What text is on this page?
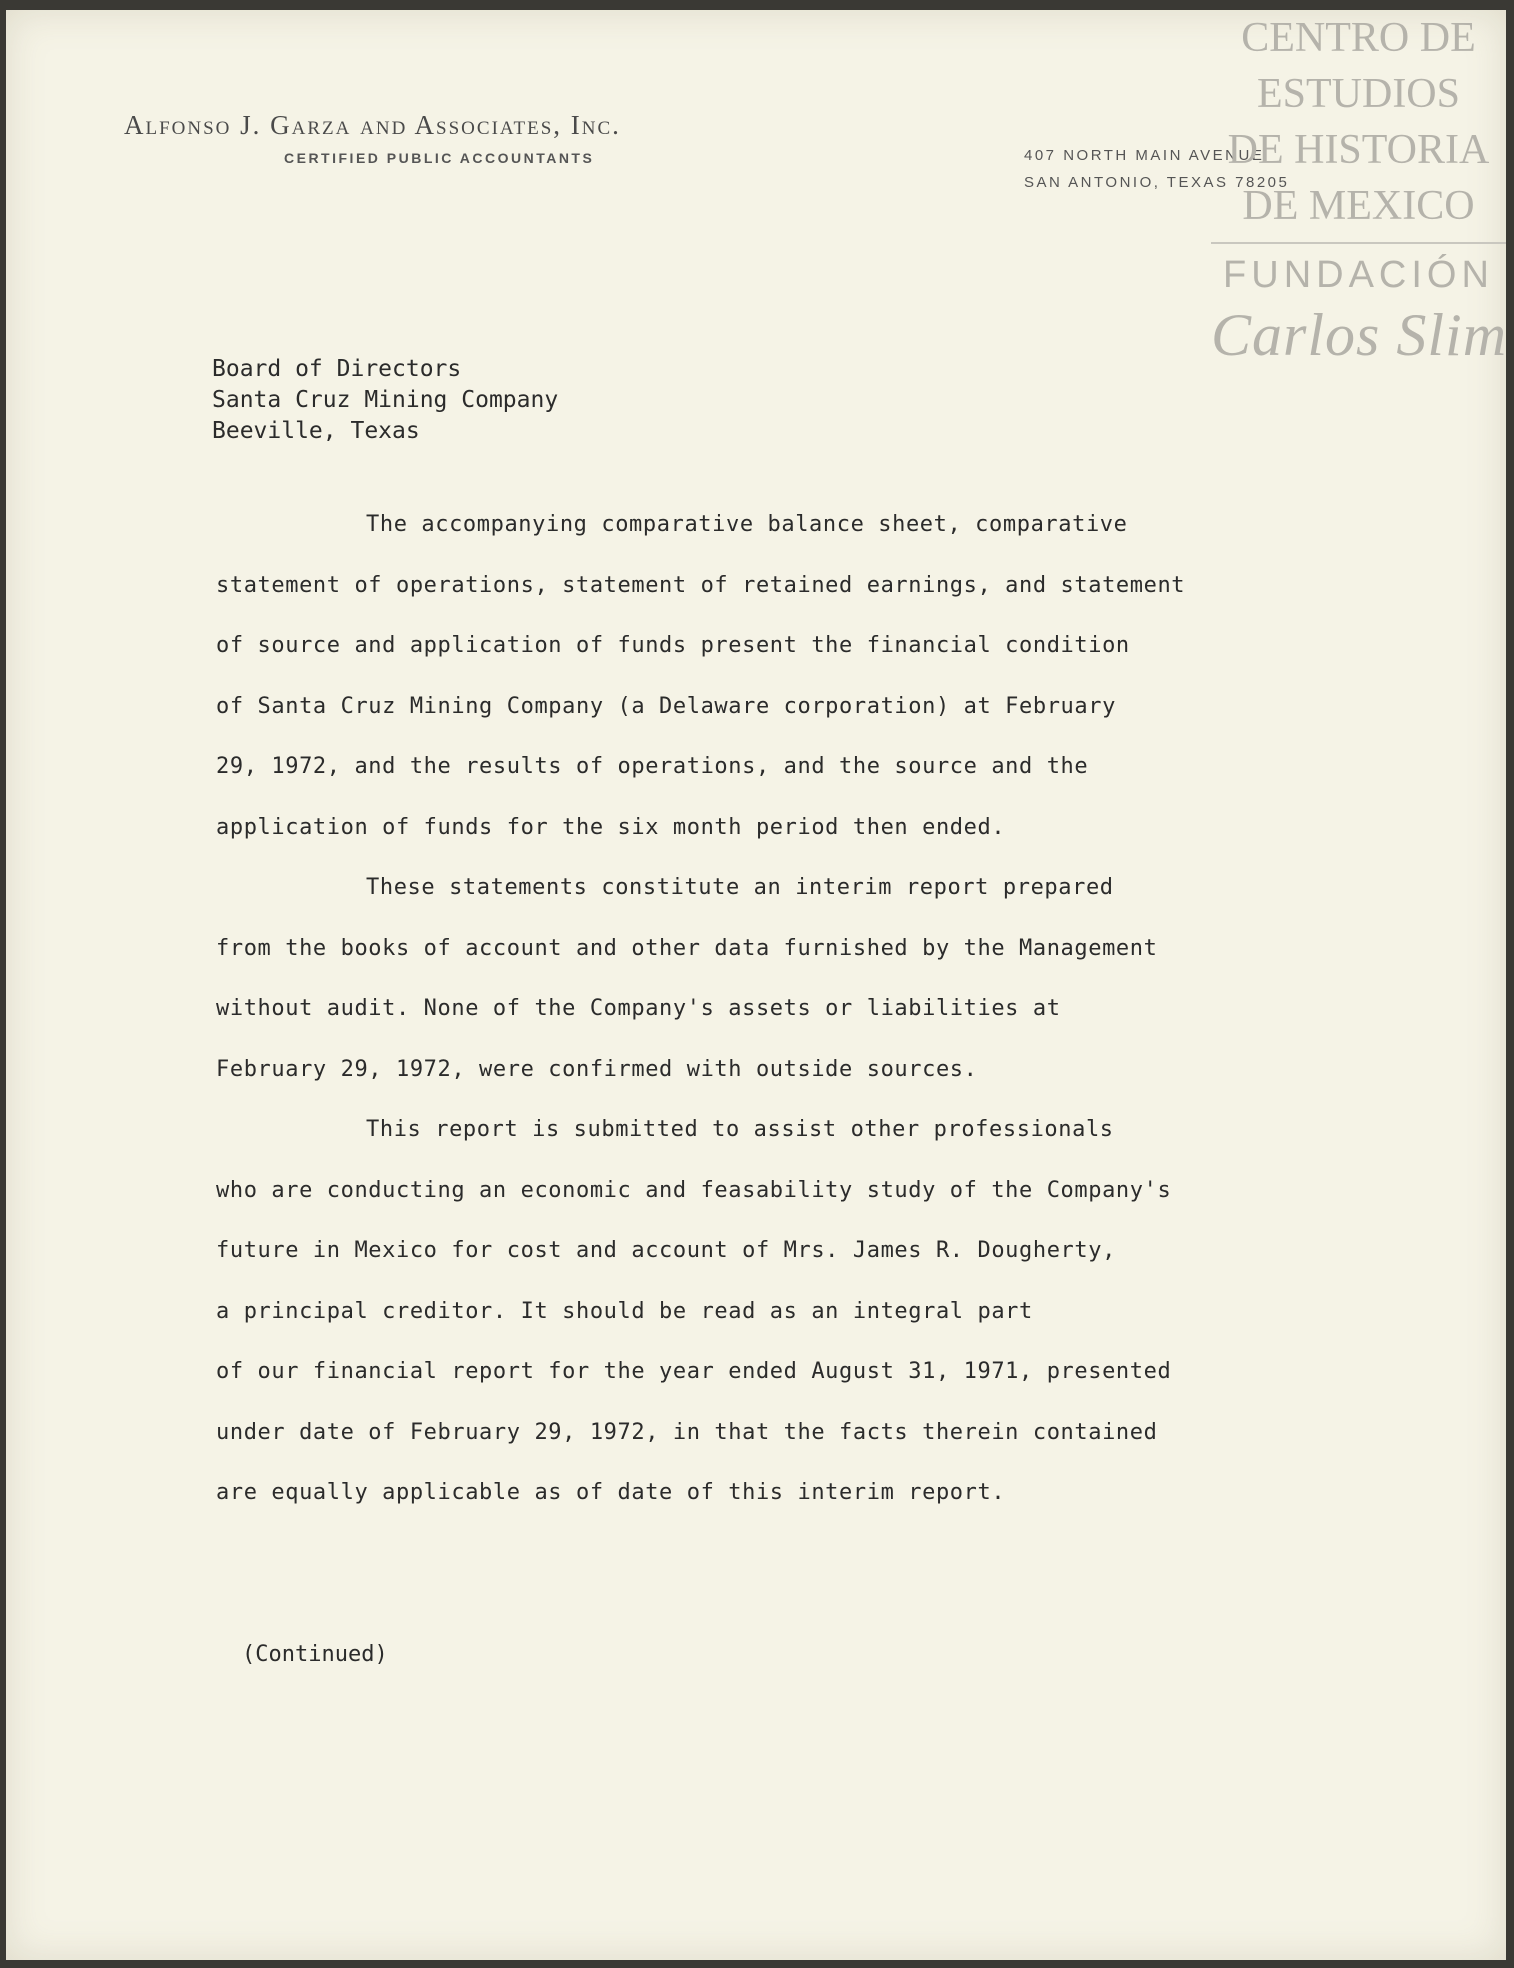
Alfonso J. Garza and Associates, Inc.
CERTIFIED PUBLIC ACCOUNTANTS	407 NORTH MAIN AVENUE
SAN ANTONIO, TEXAS 78205
CENTRO DE
ESTUDIOS
DE HISTORIA
DE MEXICO
FUNDACIÓN
Carlos Slim
Board of Directors
Santa Cruz Mining Company
Beeville, Texas
The accompanying comparative balance sheet, comparative
statement of operations, statement of retained earnings, and statement
of source and application of funds present the financial condition
of Santa Cruz Mining Company (a Delaware corporation) at February
29, 1972, and the results of operations, and the source and the
application of funds for the six month period then ended.
These statements constitute an interim report prepared
from the books of account and other data furnished by the Management
without audit. None of the Company's assets or liabilities at
February 29, 1972, were confirmed with outside sources.
This report is submitted to assist other professionals
who are conducting an economic and feasability study of the Company's
future in Mexico for cost and account of Mrs. James R. Dougherty,
a principal creditor. It should be read as an integral part
of our financial report for the year ended August 31, 1971, presented
under date of February 29, 1972, in that the facts therein contained
are equally applicable as of date of this interim report.
(Continued)
